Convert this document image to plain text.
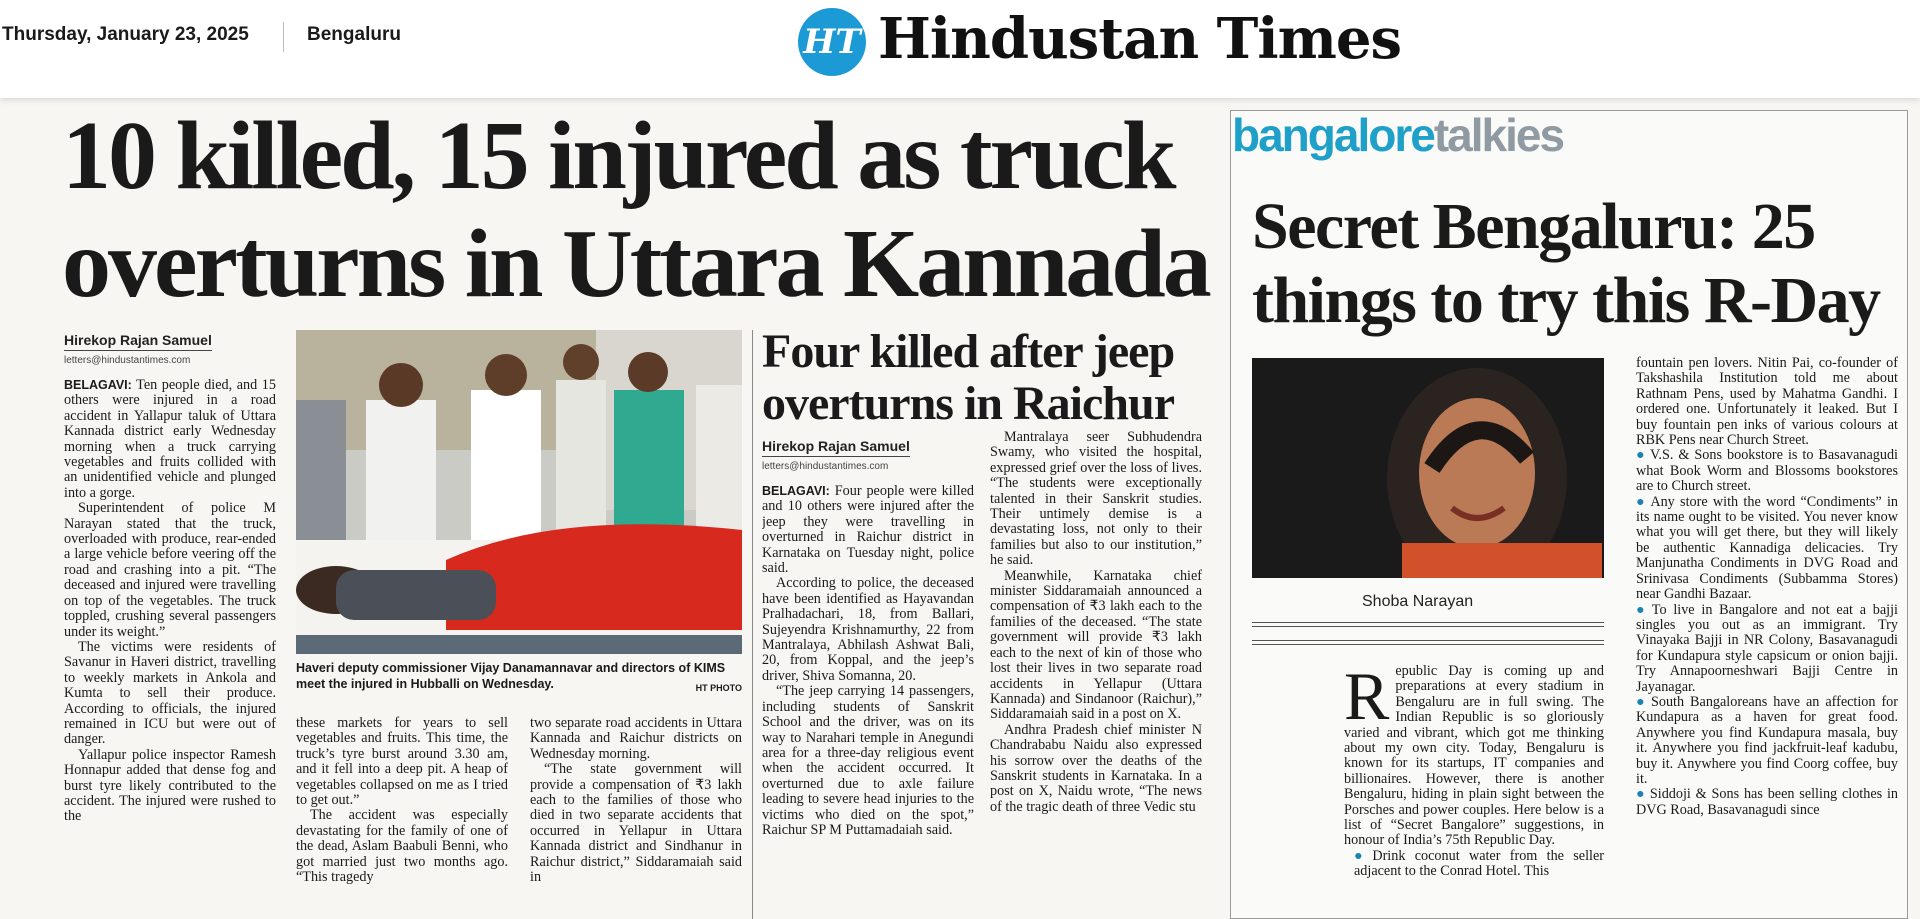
Thursday, January 23, 2025	Bengaluru	HT Hindustan Times
10 killed, 15 injured as truck overturns in Uttara Kannada
Hirekop Rajan Samuel
letters@hindustantimes.com

BELAGAVI: Ten people died, and 15 others were injured in a road accident in Yallapur taluk of Uttara Kannada district early Wednesday morning when a truck carrying vegetables and fruits collided with an unidentified vehicle and plunged into a gorge.

Superintendent of police M Narayan stated that the truck, overloaded with produce, rear-ended a large vehicle before veering off the road and crashing into a pit. “The deceased and injured were travelling on top of the vegetables. The truck toppled, crushing several passengers under its weight.”

The victims were residents of Savanur in Haveri district, travelling to weekly markets in Ankola and Kumta to sell their produce. According to officials, the injured remained in ICU but were out of danger.

Yallapur police inspector Ramesh Honnapur added that dense fog and burst tyre likely contributed to the accident. The injured were rushed to the

Haveri deputy commissioner Vijay Danamannavar and directors of KIMS meet the injured in Hubballi on Wednesday.	HT PHOTO

these markets for years to sell vegetables and fruits. This time, the truck’s tyre burst around 3.30 am, and it fell into a deep pit. A heap of vegetables collapsed on me as I tried to get out.”

The accident was especially devastating for the family of one of the dead, Aslam Baabuli Benni, who got married just two months ago. “This tragedy

two separate road accidents in Uttara Kannada and Raichur districts on Wednesday morning.

“The state government will provide a compensation of ₹3 lakh each to the families of those who died in two separate accidents that occurred in Yellapur in Uttara Kannada district and Sindhanur in Raichur district,” Siddaramaiah said in

Four killed after jeep overturns in Raichur
Hirekop Rajan Samuel
letters@hindustantimes.com

BELAGAVI: Four people were killed and 10 others were injured after the jeep they were travelling in overturned in Raichur district in Karnataka on Tuesday night, police said.

According to police, the deceased have been identified as Hayavandan Pralhadachari, 18, from Ballari, Sujeyendra Krishnamurthy, 22 from Mantralaya, Abhilash Ashwat Bali, 20, from Koppal, and the jeep’s driver, Shiva Somanna, 20.

“The jeep carrying 14 passengers, including students of Sanskrit School and the driver, was on its way to Narahari temple in Anegundi area for a three-day religious event when the accident occurred. It overturned due to axle failure leading to severe head injuries to the victims who died on the spot,” Raichur SP M Puttamadaiah said.

Mantralaya seer Subhudendra Swamy, who visited the hospital, expressed grief over the loss of lives. “The students were exceptionally talented in their Sanskrit studies. Their untimely demise is a devastating loss, not only to their families but also to our institution,” he said.

Meanwhile, Karnataka chief minister Siddaramaiah announced a compensation of ₹3 lakh each to the families of the deceased. “The state government will provide ₹3 lakh each to the next of kin of those who lost their lives in two separate road accidents in Yellapur (Uttara Kannada) and Sindanoor (Raichur),” Siddaramaiah said in a post on X.

Andhra Pradesh chief minister N Chandrababu Naidu also expressed his sorrow over the deaths of the Sanskrit students in Karnataka. In a post on X, Naidu wrote, “The news of the tragic death of three Vedic stu

bangaloretalkies
Secret Bengaluru: 25 things to try this R-Day
Shoba Narayan

Republic Day is coming up and preparations at every stadium in Bengaluru are in full swing. The Indian Republic is so gloriously varied and vibrant, which got me thinking about my own city. Today, Bengaluru is known for its startups, IT companies and billionaires. However, there is another Bengaluru, hiding in plain sight between the Porsches and power couples. Here below is a list of “Secret Bangalore” suggestions, in honour of India’s 75th Republic Day.

● Drink coconut water from the seller adjacent to the Conrad Hotel. This

fountain pen lovers. Nitin Pai, co-founder of Takshashila Institution told me about Rathnam Pens, used by Mahatma Gandhi. I ordered one. Unfortunately it leaked. But I buy fountain pen inks of various colours at RBK Pens near Church Street.

● V.S. & Sons bookstore is to Basavanagudi what Book Worm and Blossoms bookstores are to Church street.

● Any store with the word “Condiments” in its name ought to be visited. You never know what you will get there, but they will likely be authentic Kannadiga delicacies. Try Manjunatha Condiments in DVG Road and Srinivasa Condiments (Subbamma Stores) near Gandhi Bazaar.

● To live in Bangalore and not eat a bajji singles you out as an immigrant. Try Vinayaka Bajji in NR Colony, Basavanagudi for Kundapura style capsicum or onion bajji. Try Annapoorneshwari Bajji Centre in Jayanagar.

● South Bangaloreans have an affection for Kundapura as a haven for great food. Anywhere you find Kundapura masala, buy it. Anywhere you find jackfruit-leaf kadubu, buy it. Anywhere you find Coorg coffee, buy it.

● Siddoji & Sons has been selling clothes in DVG Road, Basavanagudi since
